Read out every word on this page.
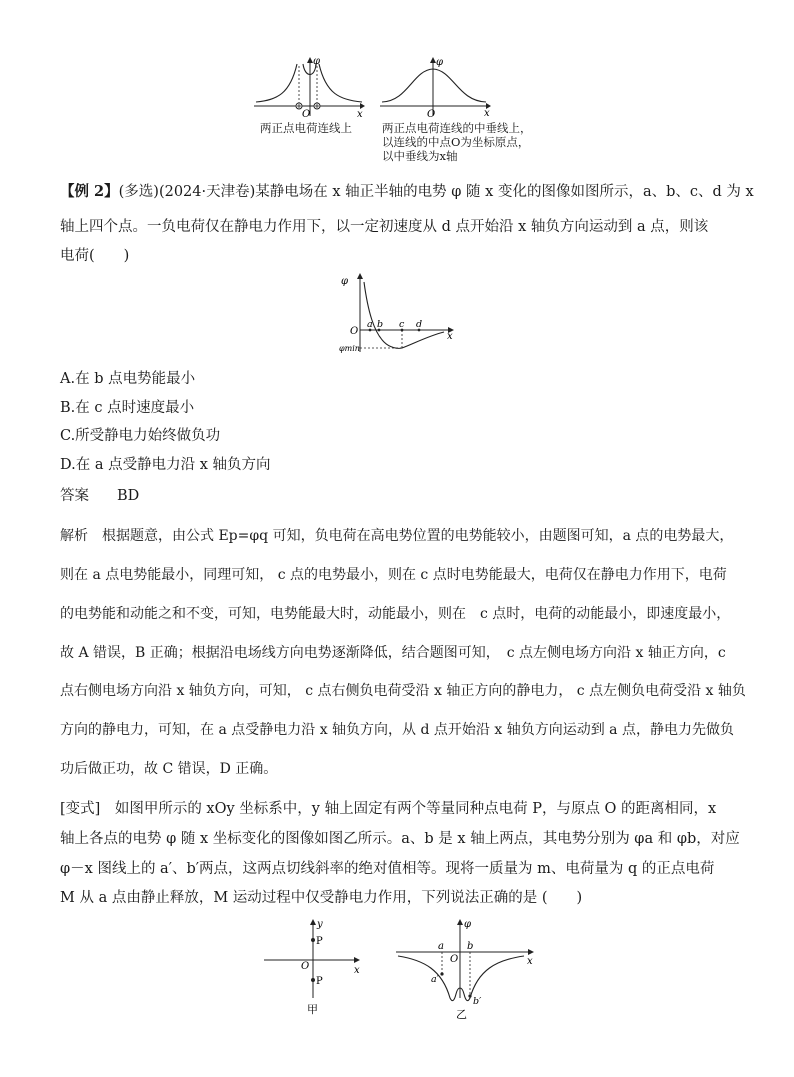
φ
O	x
两正点电荷连线上
φ
O	x
两正点电荷连线的中垂线上，
以连线的中点O为坐标原点，
以中垂线为x轴
【例 2】(多选)(2024·天津卷)某静电场在 x 轴正半轴的电势 φ 随 x 变化的图像如图所示，a、b、c、d 为 x
轴上四个点。一负电荷仅在静电力作用下，以一定初速度从 d 点开始沿 x 轴负方向运动到 a 点，则该
电荷(　　)
φ
O
a b c d
x
φmin
A.在 b 点电势能最小
B.在 c 点时速度最小
C.所受静电力始终做负功
D.在 a 点受静电力沿 x 轴负方向
答案 BD
解析　根据题意，由公式 Ep=φq 可知，负电荷在高电势位置的电势能较小，由题图可知，a 点的电势最大，
则在 a 点电势能最小，同理可知， c 点的电势最小，则在 c 点时电势能最大，电荷仅在静电力作用下，电荷
的电势能和动能之和不变，可知，电势能最大时，动能最小，则在　c 点时，电荷的动能最小，即速度最小，
故 A 错误，B 正确；根据沿电场线方向电势逐渐降低，结合题图可知，　c 点左侧电场方向沿 x 轴正方向，c
点右侧电场方向沿 x 轴负方向，可知， c 点右侧负电荷受沿 x 轴正方向的静电力， c 点左侧负电荷受沿 x 轴负
方向的静电力，可知，在 a 点受静电力沿 x 轴负方向，从 d 点开始沿 x 轴负方向运动到 a 点，静电力先做负
功后做正功，故 C 错误，D 正确。
[变式]　如图甲所示的 xOy 坐标系中，y 轴上固定有两个等量同种点电荷 P，与原点 O 的距离相同，x
轴上各点的电势 φ 随 x 坐标变化的图像如图乙所示。a、b 是 x 轴上两点，其电势分别为 φa 和 φb，对应
φ－x 图线上的 a′、b′两点，这两点切线斜率的绝对值相等。现将一质量为 m、电荷量为 q 的正点电荷
M 从 a 点由静止释放，M 运动过程中仅受静电力作用，下列说法正确的是 (　　)
y
P
P
O	x
甲
φ
a b
O	x
a′
b′
乙
